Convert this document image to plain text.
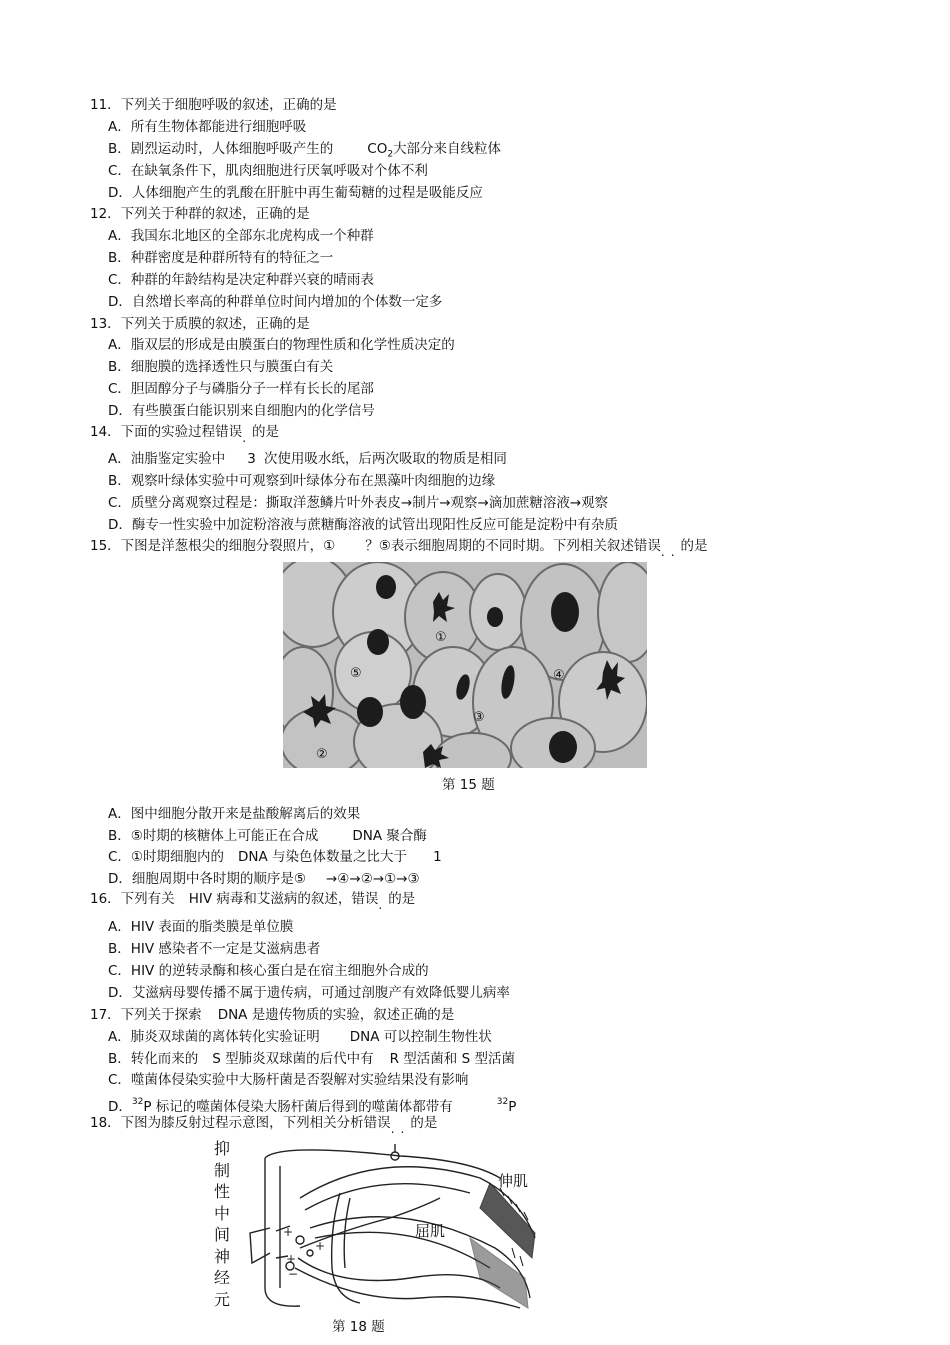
11．下列关于细胞呼吸的叙述，正确的是
A．所有生物体都能进行细胞呼吸
B．剧烈运动时，人体细胞呼吸产生的	$CO_2$大部分来自线粒体
C．在缺氧条件下，肌肉细胞进行厌氧呼吸对个体不利
D．人体细胞产生的乳酸在肝脏中再生葡萄糖的过程是吸能反应
12．下列关于种群的叙述，正确的是
A．我国东北地区的全部东北虎构成一个种群
B．种群密度是种群所特有的特征之一
C．种群的年龄结构是决定种群兴衰的晴雨表
D．自然增长率高的种群单位时间内增加的个体数一定多
13．下列关于质膜的叙述，正确的是
A．脂双层的形成是由膜蛋白的物理性质和化学性质决定的
B．细胞膜的选择透性只与膜蛋白有关
C．胆固醇分子与磷脂分子一样有长长的尾部
D．有些膜蛋白能识别来自细胞内的化学信号
14．下面的实验过程错误.的是
A．油脂鉴定实验中 3 次使用吸水纸，后两次吸取的物质是相同
B．观察叶绿体实验中可观察到叶绿体分布在黑藻叶肉细胞的边缘
C．质壁分离观察过程是：撕取洋葱鳞片叶外表皮→制片→观察→滴加蔗糖溶液→观察
D．酶专一性实验中加淀粉溶液与蔗糖酶溶液的试管出现阳性反应可能是淀粉中有杂质
15．下图是洋葱根尖的细胞分裂照片，① ？⑤表示细胞周期的不同时期。下列相关叙述错误..的是
①
②
③
④
⑤
第 15 题
A．图中细胞分散开来是盐酸解离后的效果
B．⑤时期的核糖体上可能正在合成	DNA 聚合酶
C．①时期细胞内的 DNA 与染色体数量之比大于 1
D．细胞周期中各时期的顺序是⑤ →④→②→①→③
16．下列有关 HIV 病毒和艾滋病的叙述，错误.的是
A．HIV 表面的脂类膜是单位膜
B．HIV 感染者不一定是艾滋病患者
C．HIV 的逆转录酶和核心蛋白是在宿主细胞外合成的
D．艾滋病母婴传播不属于遗传病，可通过剖腹产有效降低婴儿病率
17．下列关于探索 DNA 是遗传物质的实验，叙述正确的是
A．肺炎双球菌的离体转化实验证明 DNA 可以控制生物性状
B．转化而来的 S 型肺炎双球菌的后代中有 R 型活菌和 S 型活菌
C．噬菌体侵染实验中大肠杆菌是否裂解对实验结果没有影响
D．$^{32}$P 标记的噬菌体侵染大肠杆菌后得到的噬菌体都带有	$^{32}$P
18．下图为膝反射过程示意图，下列相关分析错误..的是
抑
制
性
中
间
神
经
元
+
+
+
−
伸肌
屈肌
第 18 题
